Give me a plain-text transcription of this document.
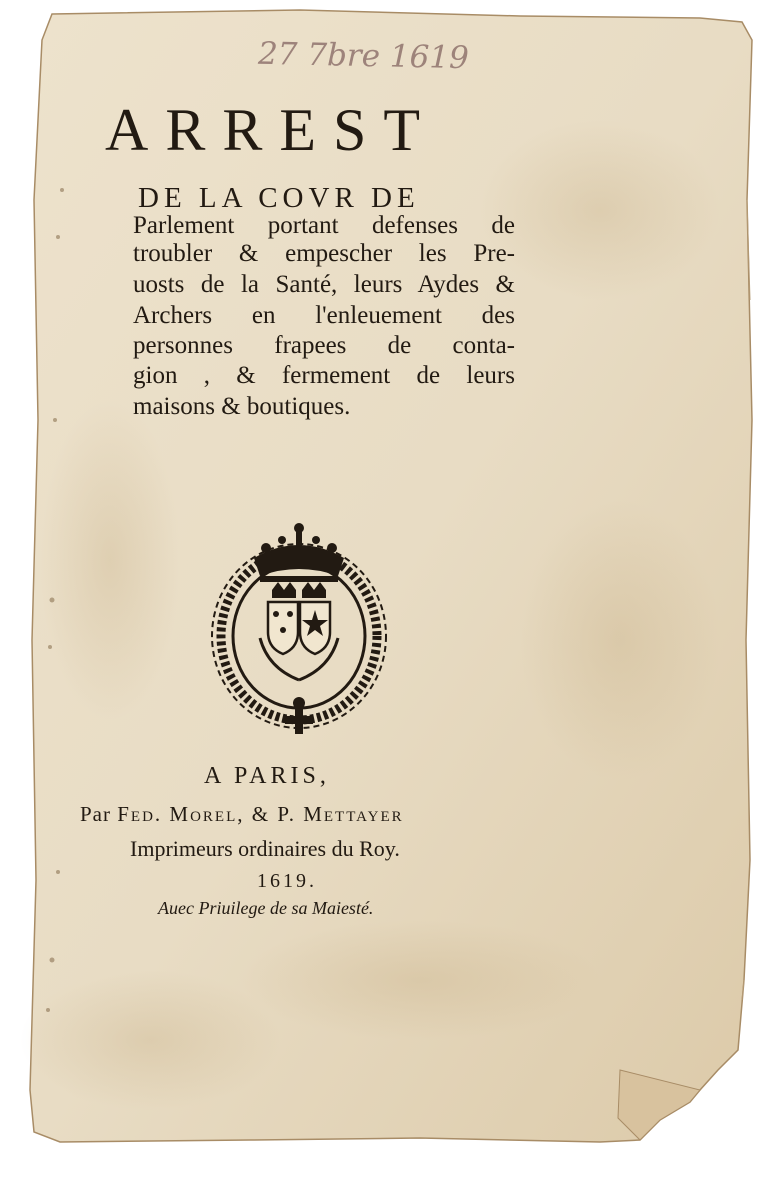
27 7bre 1619
ARREST
DE LA COVR DE
Parlement portant defenses de
troubler & empescher les Pre-
uosts de la Santé, leurs Aydes &
Archers en l'enleuement des
personnes frapees de conta-
gion , & fermement de leurs
maisons & boutiques.
A PARIS,
Par Fed. Morel, & P. Mettayer
Imprimeurs ordinaires du Roy.
1619.
Auec Priuilege de sa Maiesté.
